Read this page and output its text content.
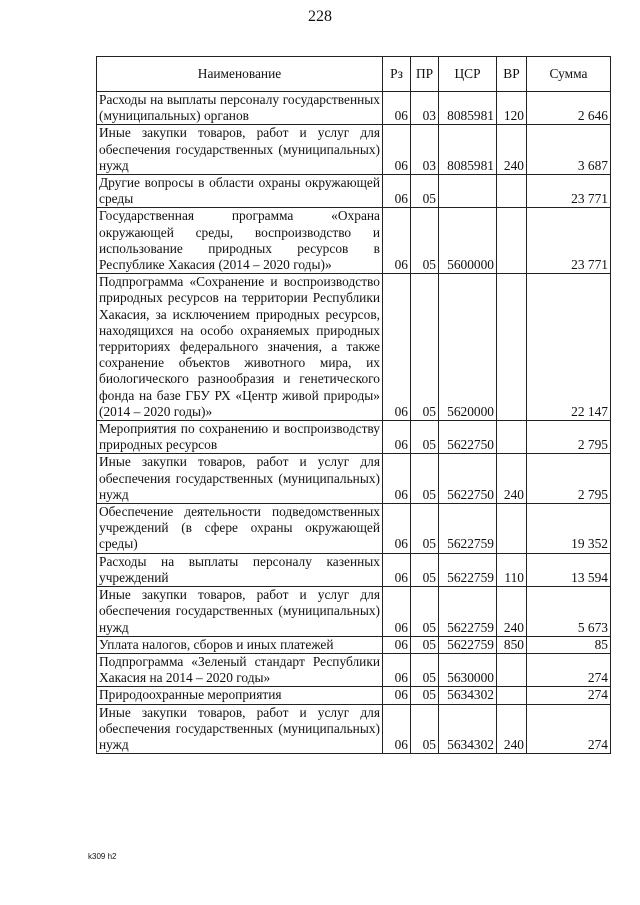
228
Наименование	Рз	ПР	ЦСР	ВР	Сумма
Расходы на выплаты персоналу государственных (муниципальных) органов	06	03	8085981	120	2 646
Иные закупки товаров, работ и услуг для обеспечения государственных (муниципальных) нужд	06	03	8085981	240	3 687
Другие вопросы в области охраны окружающей среды	06	05			23 771
Государственная программа «Охрана окружающей среды, воспроизводство и использование природных ресурсов в Республике Хакасия (2014 – 2020 годы)»	06	05	5600000		23 771
Подпрограмма «Сохранение и воспроизводство природных ресурсов на территории Республики Хакасия, за исключением природных ресурсов, находящихся на особо охраняемых природных территориях федерального значения, а также сохранение объектов животного мира, их биологического разнообразия и генетического фонда на базе ГБУ РХ «Центр живой природы» (2014 – 2020 годы)»	06	05	5620000		22 147
Мероприятия по сохранению и воспроизводству природных ресурсов	06	05	5622750		2 795
Иные закупки товаров, работ и услуг для обеспечения государственных (муниципальных) нужд	06	05	5622750	240	2 795
Обеспечение деятельности подведомственных учреждений (в сфере охраны окружающей среды)	06	05	5622759		19 352
Расходы на выплаты персоналу казенных учреждений	06	05	5622759	110	13 594
Иные закупки товаров, работ и услуг для обеспечения государственных (муниципальных) нужд	06	05	5622759	240	5 673
Уплата налогов, сборов и иных платежей	06	05	5622759	850	85
Подпрограмма «Зеленый стандарт Республики Хакасия на 2014 – 2020 годы»	06	05	5630000		274
Природоохранные мероприятия	06	05	5634302		274
Иные закупки товаров, работ и услуг для обеспечения государственных (муниципальных) нужд	06	05	5634302	240	274
k309 h2
